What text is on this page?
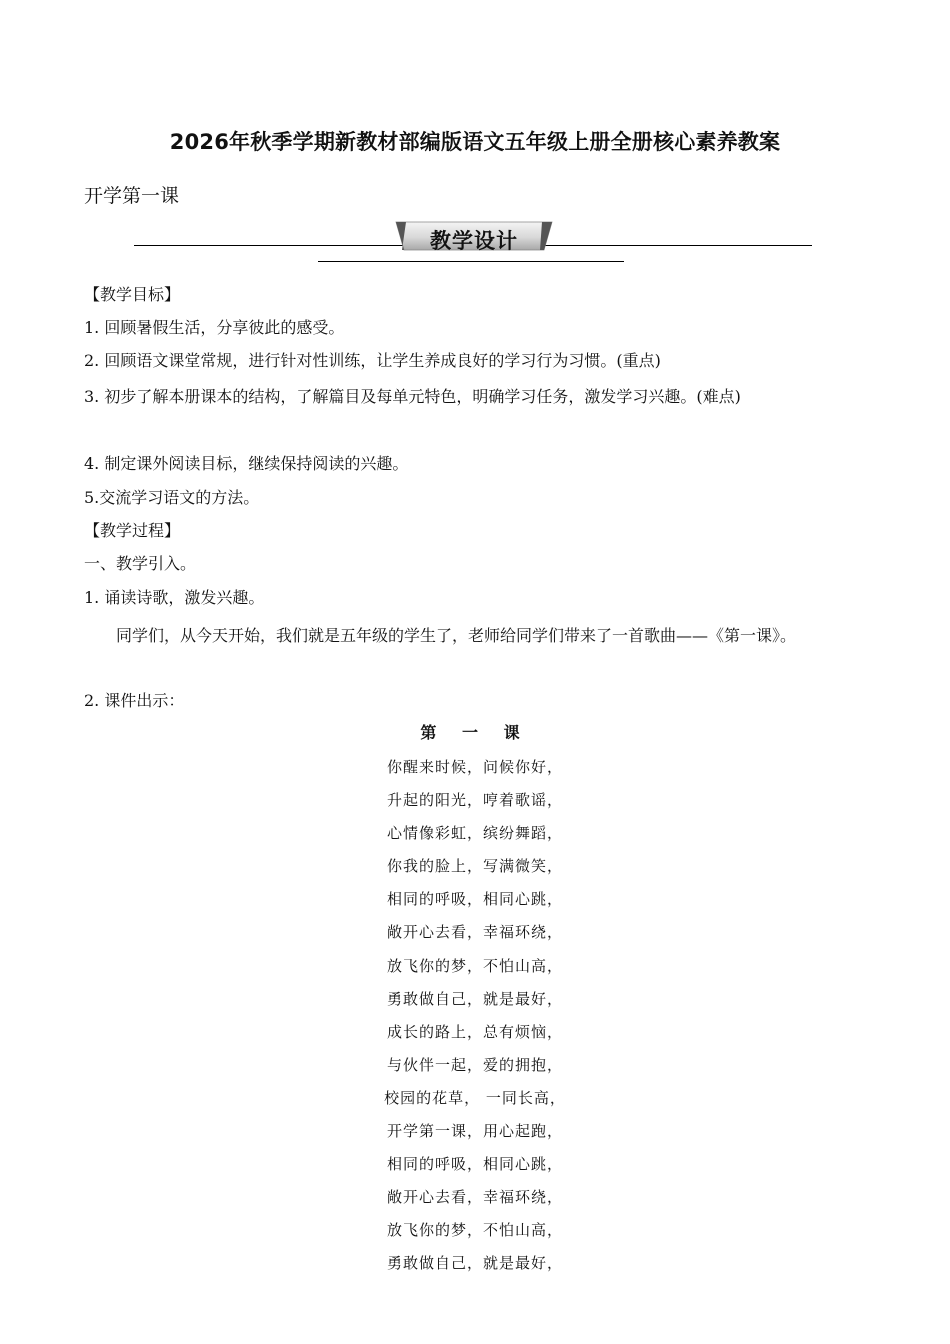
2026年秋季学期新教材部编版语文五年级上册全册核心素养教案
开学第一课
教学设计
【教学目标】
1. 回顾暑假生活，分享彼此的感受。
2. 回顾语文课堂常规，进行针对性训练，让学生养成良好的学习行为习惯。(重点)
3. 初步了解本册课本的结构，了解篇目及每单元特色，明确学习任务，激发学习兴趣。(难点)
4. 制定课外阅读目标，继续保持阅读的兴趣。
5.交流学习语文的方法。
【教学过程】
一、教学引入。
1. 诵读诗歌，激发兴趣。
同学们，从今天开始，我们就是五年级的学生了，老师给同学们带来了一首歌曲——《第一课》。
2. 课件出示：
第 一 课
你醒来时候，问候你好，
升起的阳光，哼着歌谣，
心情像彩虹，缤纷舞蹈，
你我的脸上，写满微笑，
相同的呼吸，相同心跳，
敞开心去看，幸福环绕，
放飞你的梦，不怕山高，
勇敢做自己，就是最好，
成长的路上，总有烦恼，
与伙伴一起，爱的拥抱，
校园的花草， 一同长高，
开学第一课，用心起跑，
相同的呼吸，相同心跳，
敞开心去看，幸福环绕，
放飞你的梦，不怕山高，
勇敢做自己，就是最好，
